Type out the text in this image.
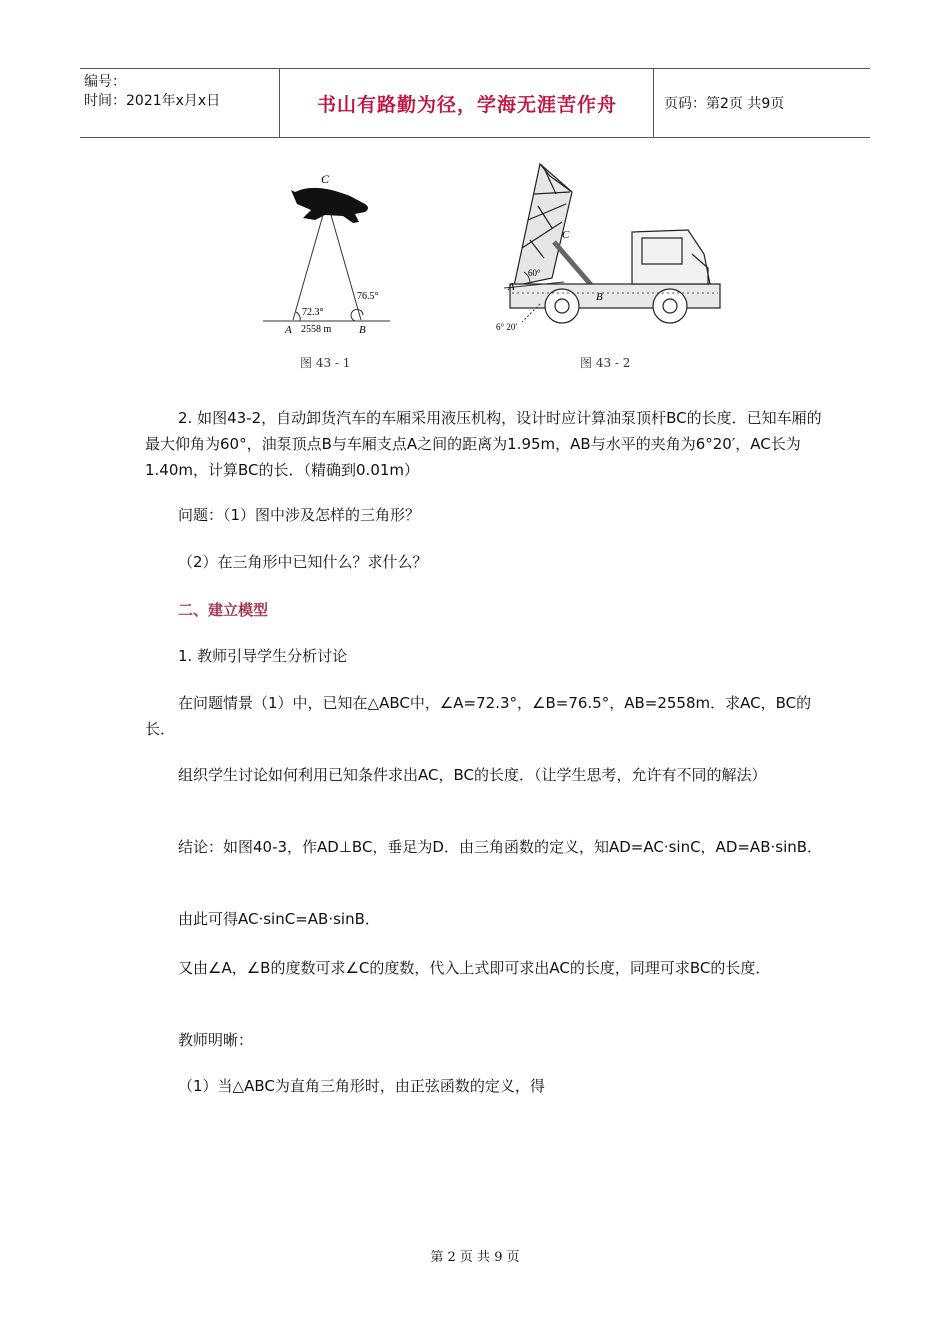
编号：
时间：2021年x月x日	书山有路勤为径，学海无涯苦作舟	页码：第2页 共9页
C
72.3°
76.5°
A 2558 m	B
图 43 - 1
C
60°
A
B
6° 20′
图 43 - 2
2. 如图43-2，自动卸货汽车的车厢采用液压机构，设计时应计算油泵顶杆BC的长度．已知车厢的最大仰角为60°，油泵顶点B与车厢支点A之间的距离为1.95m，AB与水平的夹角为6°20′，AC长为1.40m，计算BC的长．（精确到0.01m）
问题：（1）图中涉及怎样的三角形？
（2）在三角形中已知什么？求什么？
二、建立模型
1. 教师引导学生分析讨论
在问题情景（1）中，已知在△ABC中，∠A=72.3°，∠B=76.5°，AB=2558m．求AC，BC的长．
组织学生讨论如何利用已知条件求出AC，BC的长度．（让学生思考，允许有不同的解法）
结论：如图40-3，作AD⊥BC，垂足为D．由三角函数的定义，知AD=AC·sinC，AD=AB·sinB．
由此可得AC·sinC=AB·sinB．
又由∠A，∠B的度数可求∠C的度数，代入上式即可求出AC的长度，同理可求BC的长度．
教师明晰：
（1）当△ABC为直角三角形时，由正弦函数的定义，得
第 2 页 共 9 页
